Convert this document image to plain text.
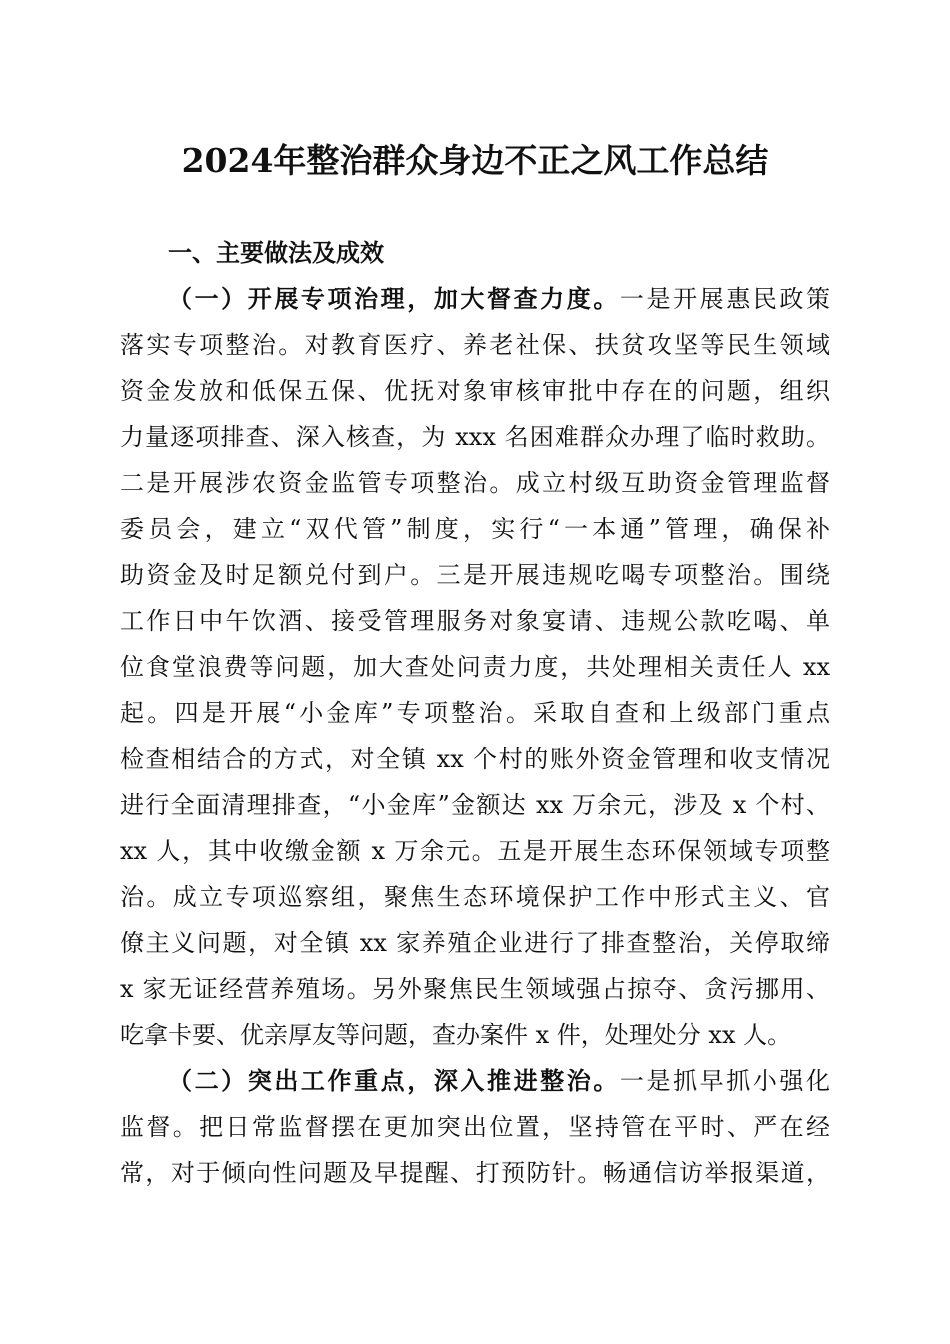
2024年整治群众身边不正之风工作总结
一、主要做法及成效
（一）开展专项治理，加大督查力度。一是开展惠民政策
落实专项整治。对教育医疗、养老社保、扶贫攻坚等民生领域
资金发放和低保五保、优抚对象审核审批中存在的问题，组织
力量逐项排查、深入核查，为 xxx 名困难群众办理了临时救助。
二是开展涉农资金监管专项整治。成立村级互助资金管理监督
委员会，建立“双代管”制度，实行“一本通”管理，确保补
助资金及时足额兑付到户。三是开展违规吃喝专项整治。围绕
工作日中午饮酒、接受管理服务对象宴请、违规公款吃喝、单
位食堂浪费等问题，加大查处问责力度，共处理相关责任人 xx
起。四是开展“小金库”专项整治。采取自查和上级部门重点
检查相结合的方式，对全镇 xx 个村的账外资金管理和收支情况
进行全面清理排查，“小金库”金额达 xx 万余元，涉及 x 个村、
xx 人，其中收缴金额 x 万余元。五是开展生态环保领域专项整
治。成立专项巡察组，聚焦生态环境保护工作中形式主义、官
僚主义问题，对全镇 xx 家养殖企业进行了排查整治，关停取缔
x 家无证经营养殖场。另外聚焦民生领域强占掠夺、贪污挪用、
吃拿卡要、优亲厚友等问题，查办案件 x 件，处理处分 xx 人。
（二）突出工作重点，深入推进整治。一是抓早抓小强化
监督。把日常监督摆在更加突出位置，坚持管在平时、严在经
常，对于倾向性问题及早提醒、打预防针。畅通信访举报渠道，
